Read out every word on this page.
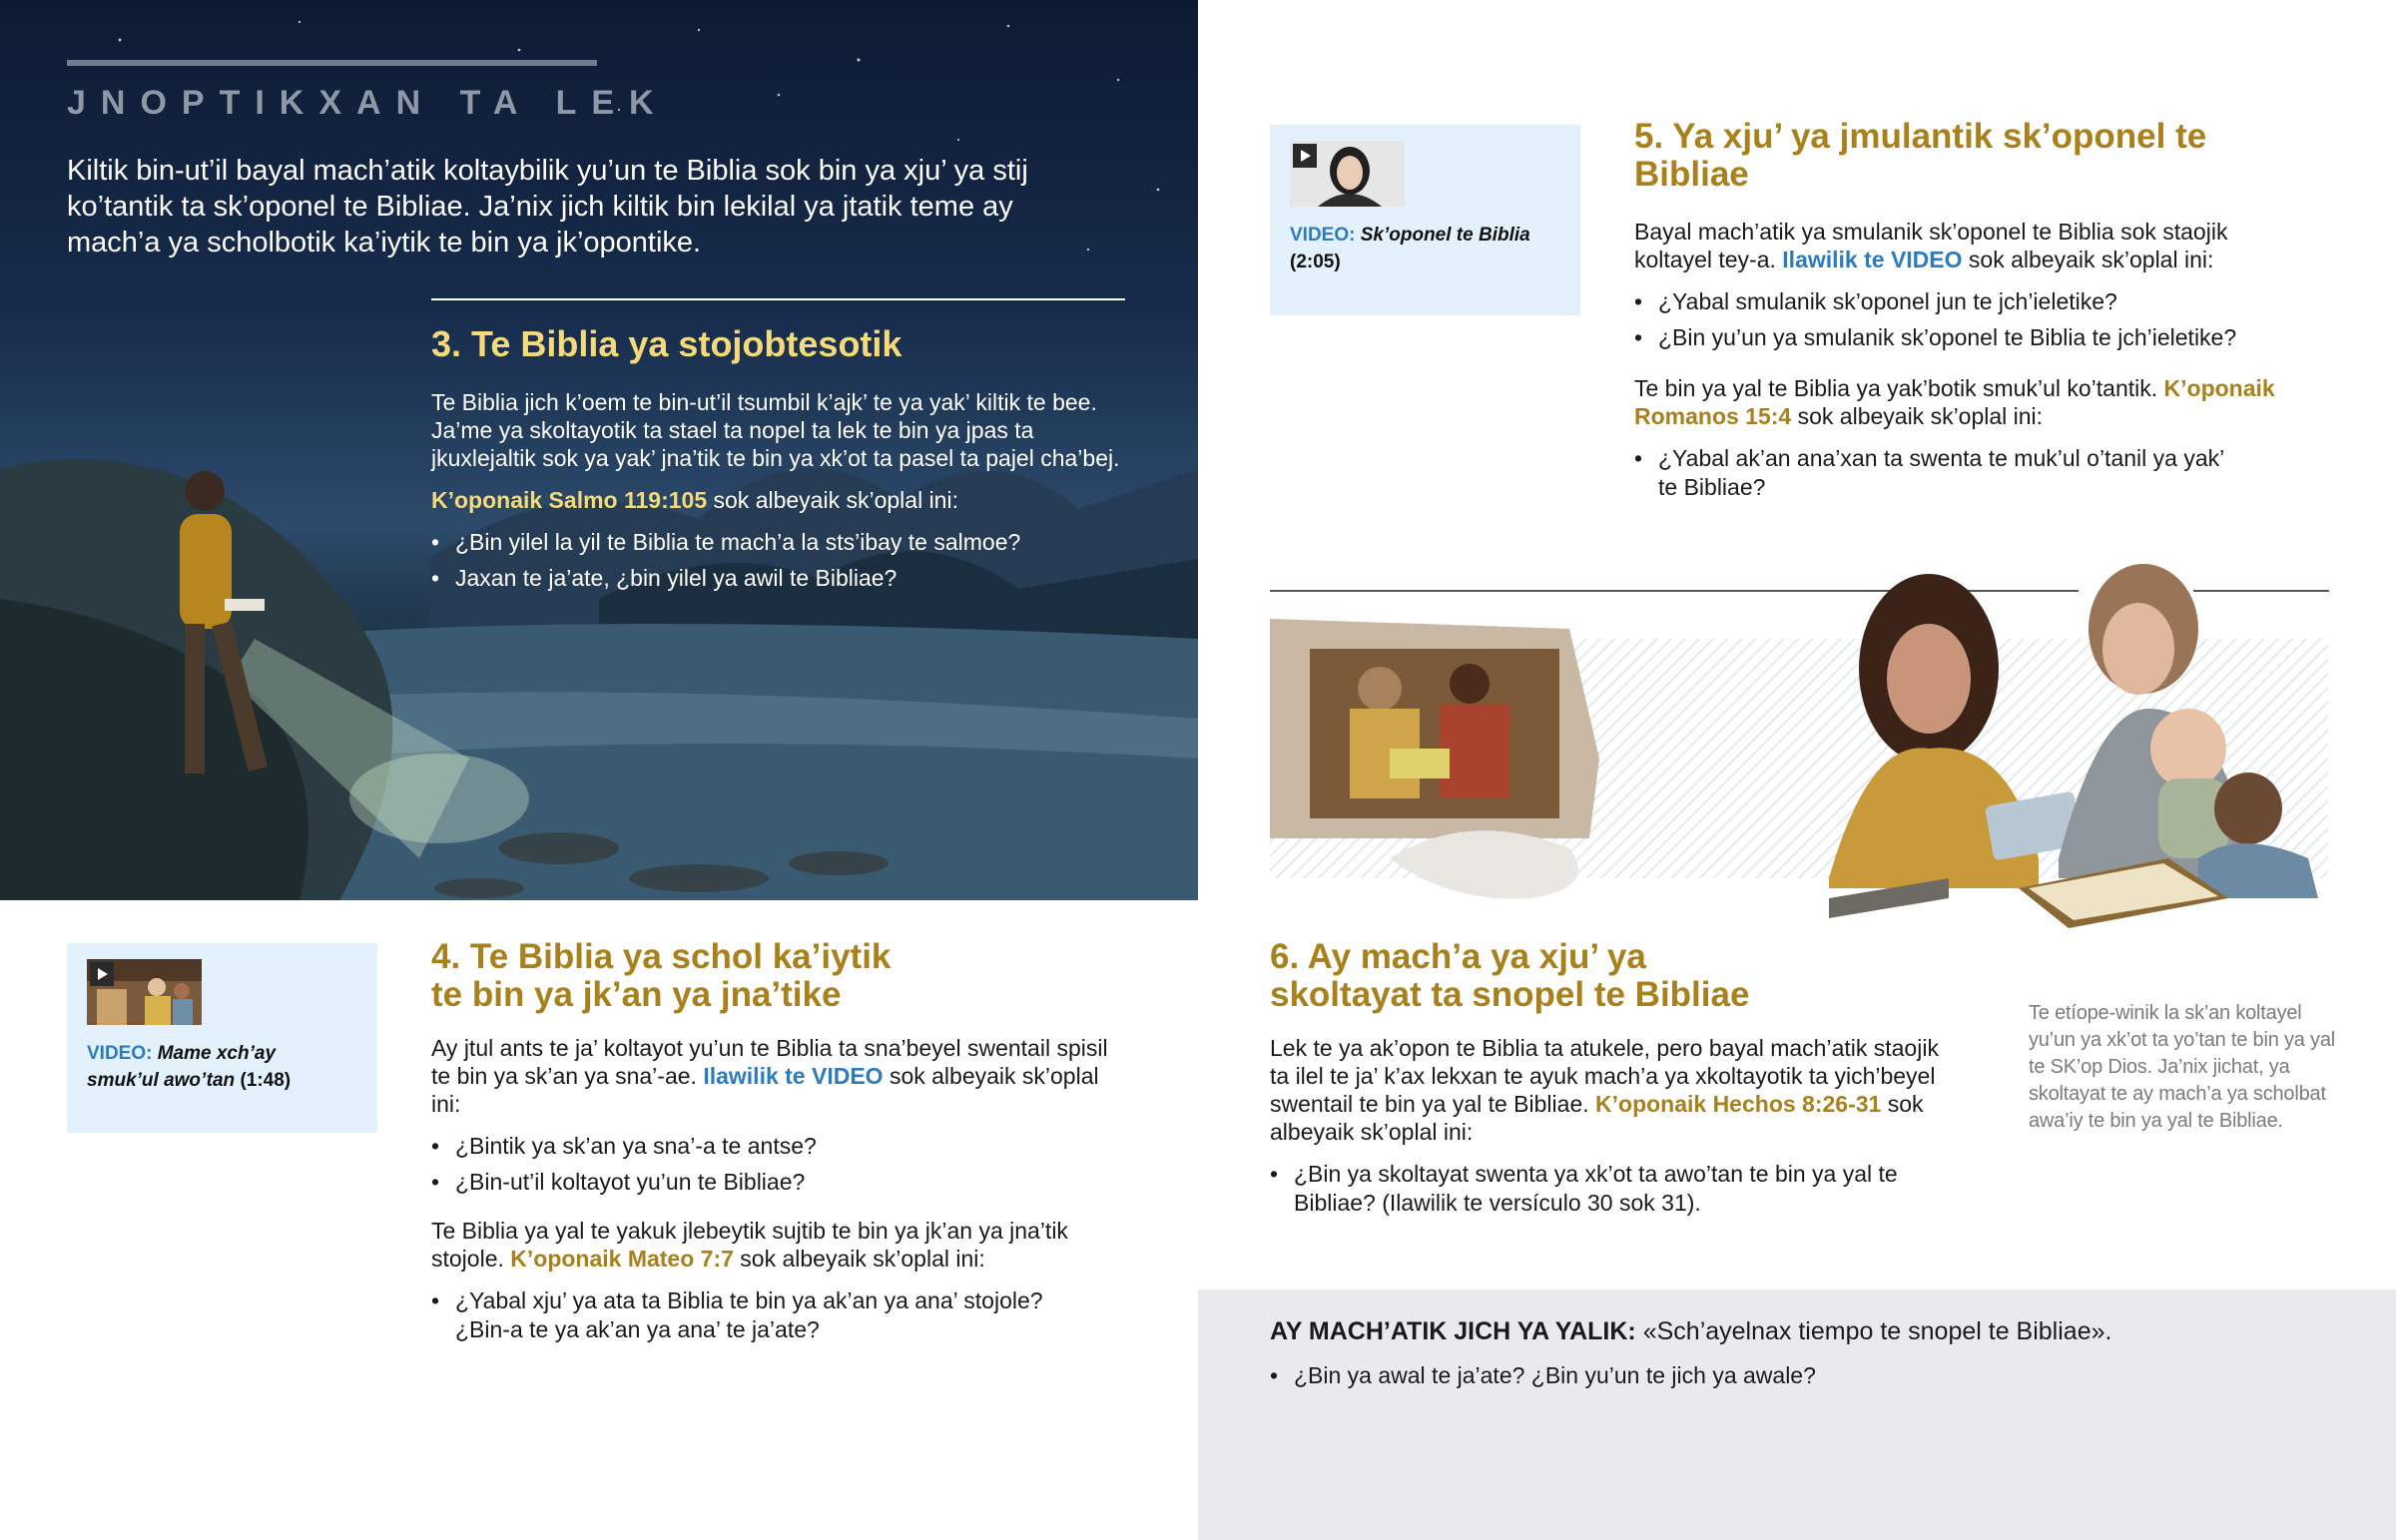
JNOPTIKXAN TA LEK
Kiltik bin-ut’il bayal mach’atik koltaybilik yu’un te Biblia sok bin ya xju’ ya stij ko’tantik ta sk’oponel te Bibliae. Ja’nix jich kiltik bin lekilal ya jtatik teme ay mach’a ya scholbotik ka’iytik te bin ya jk’opontike.
3. Te Biblia ya stojobtesotik

Te Biblia jich k’oem te bin-ut’il tsumbil k’ajk’ te ya yak’ kiltik te bee. Ja’me ya skoltayotik ta stael ta nopel ta lek te bin ya jpas ta jkuxlejaltik sok ya yak’ jna’tik te bin ya xk’ot ta pasel ta pajel cha’bej.

K’oponaik Salmo 119:105 sok albeyaik sk’oplal ini:

• ¿Bin yilel la yil te Biblia te mach’a la sts’ibay te salmoe?
• Jaxan te ja’ate, ¿bin yilel ya awil te Bibliae?
VIDEO: Mame xch’ay
smuk’ul awo’tan (1:48)
4. Te Biblia ya schol ka’iytik
te bin ya jk’an ya jna’tike

Ay jtul ants te ja’ koltayot yu’un te Biblia ta sna’beyel swentail spisil te bin ya sk’an ya sna’-ae. Ilawilik te VIDEO sok albeyaik sk’oplal ini:

• ¿Bintik ya sk’an ya sna’-a te antse?
• ¿Bin-ut’il koltayot yu’un te Bibliae?

Te Biblia ya yal te yakuk jlebeytik sujtib te bin ya jk’an ya jna’tik stojole. K’oponaik Mateo 7:7 sok albeyaik sk’oplal ini:

• ¿Yabal xju’ ya ata ta Biblia te bin ya ak’an ya ana’ stojole? ¿Bin-a te ya ak’an ya ana’ te ja’ate?
VIDEO: Sk’oponel te Biblia
(2:05)
5. Ya xju’ ya jmulantik sk’oponel te Bibliae

Bayal mach’atik ya smulanik sk’oponel te Biblia sok staojik koltayel tey-a. Ilawilik te VIDEO sok albeyaik sk’oplal ini:

• ¿Yabal smulanik sk’oponel jun te jch’ieletike?
• ¿Bin yu’un ya smulanik sk’oponel te Biblia te jch’ieletike?

Te bin ya yal te Biblia ya yak’botik smuk’ul ko’tantik. K’oponaik Romanos 15:4 sok albeyaik sk’oplal ini:

• ¿Yabal ak’an ana’xan ta swenta te muk’ul o’tanil ya yak’ te Bibliae?
Te etíope-winik la sk’an koltayel yu’un ya xk’ot ta yo’tan te bin ya yal te SK’op Dios. Ja’nix jichat, ya skoltayat te ay mach’a ya scholbat awa’iy te bin ya yal te Bibliae.
6. Ay mach’a ya xju’ ya
skoltayat ta snopel te Bibliae

Lek te ya ak’opon te Biblia ta atukele, pero bayal mach’atik staojik ta ilel te ja’ k’ax lekxan te ayuk mach’a ya xkoltayotik ta yich’beyel swentail te bin ya yal te Bibliae. K’oponaik Hechos 8:26-31 sok albeyaik sk’oplal ini:

• ¿Bin ya skoltayat swenta ya xk’ot ta awo’tan te bin ya yal te Bibliae? (Ilawilik te versículo 30 sok 31).
AY MACH’ATIK JICH YA YALIK: «Sch’ayelnax tiempo te snopel te Bibliae».
• ¿Bin ya awal te ja’ate? ¿Bin yu’un te jich ya awale?
